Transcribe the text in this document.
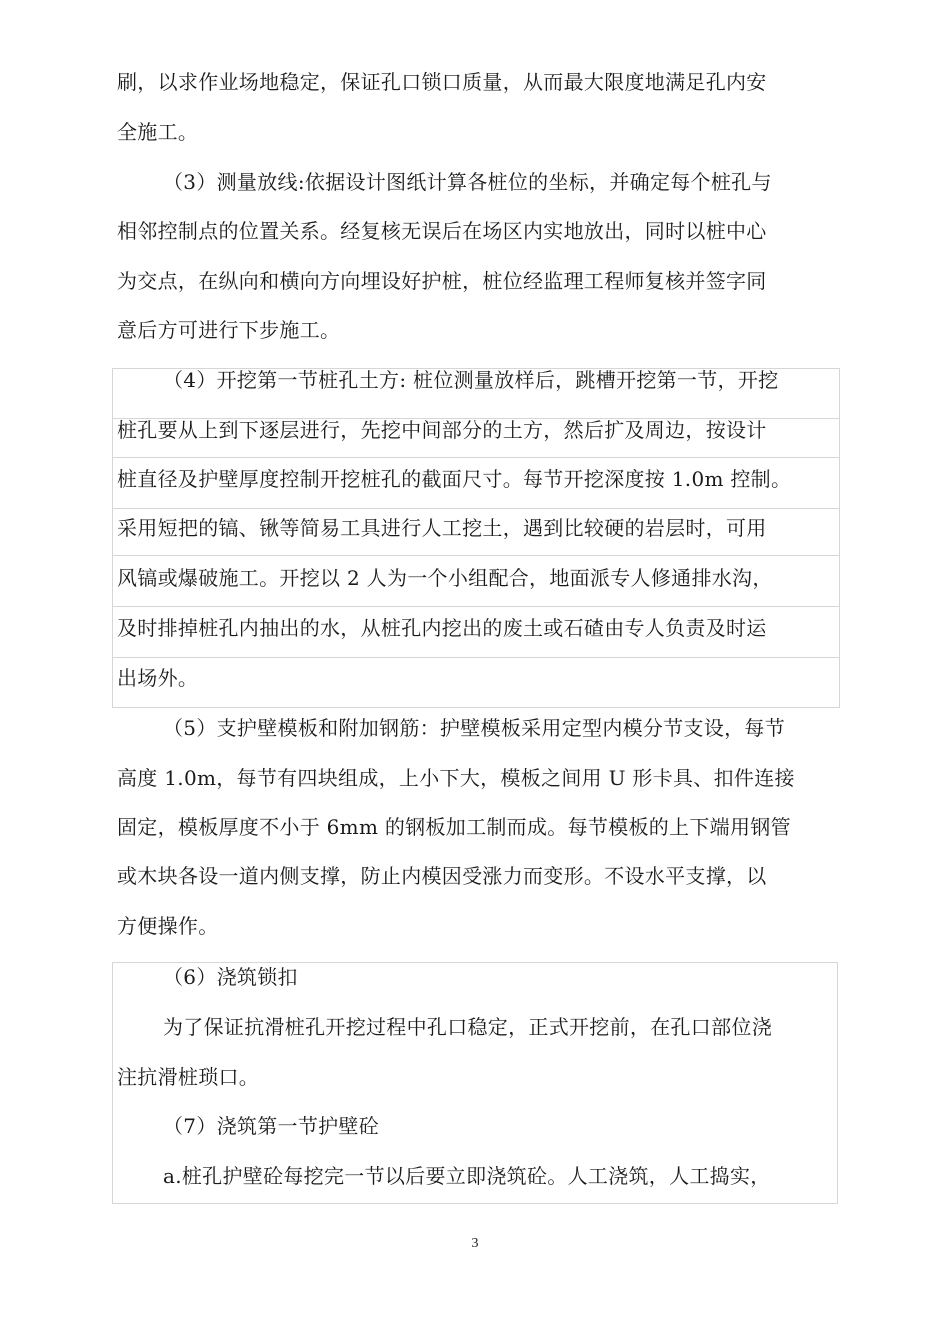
刷，以求作业场地稳定，保证孔口锁口质量，从而最大限度地满足孔内安
全施工。
（3）测量放线:依据设计图纸计算各桩位的坐标，并确定每个桩孔与
相邻控制点的位置关系。经复核无误后在场区内实地放出，同时以桩中心
为交点，在纵向和横向方向埋设好护桩，桩位经监理工程师复核并签字同
意后方可进行下步施工。
（4）开挖第一节桩孔土方: 桩位测量放样后，跳槽开挖第一节，开挖
桩孔要从上到下逐层进行，先挖中间部分的土方，然后扩及周边，按设计
桩直径及护壁厚度控制开挖桩孔的截面尺寸。每节开挖深度按 1.0m 控制。
采用短把的镐、锹等简易工具进行人工挖土，遇到比较硬的岩层时，可用
风镐或爆破施工。开挖以 2 人为一个小组配合，地面派专人修通排水沟，
及时排掉桩孔内抽出的水，从桩孔内挖出的废土或石碴由专人负责及时运
出场外。
（5）支护壁模板和附加钢筋：护壁模板采用定型内模分节支设，每节
高度 1.0m，每节有四块组成，上小下大，模板之间用 U 形卡具、扣件连接
固定，模板厚度不小于 6mm 的钢板加工制而成。每节模板的上下端用钢管
或木块各设一道内侧支撑，防止内模因受涨力而变形。不设水平支撑，以
方便操作。
（6）浇筑锁扣
为了保证抗滑桩孔开挖过程中孔口稳定，正式开挖前，在孔口部位浇
注抗滑桩琐口。
（7）浇筑第一节护壁砼
a.桩孔护壁砼每挖完一节以后要立即浇筑砼。人工浇筑，人工捣实，
3
